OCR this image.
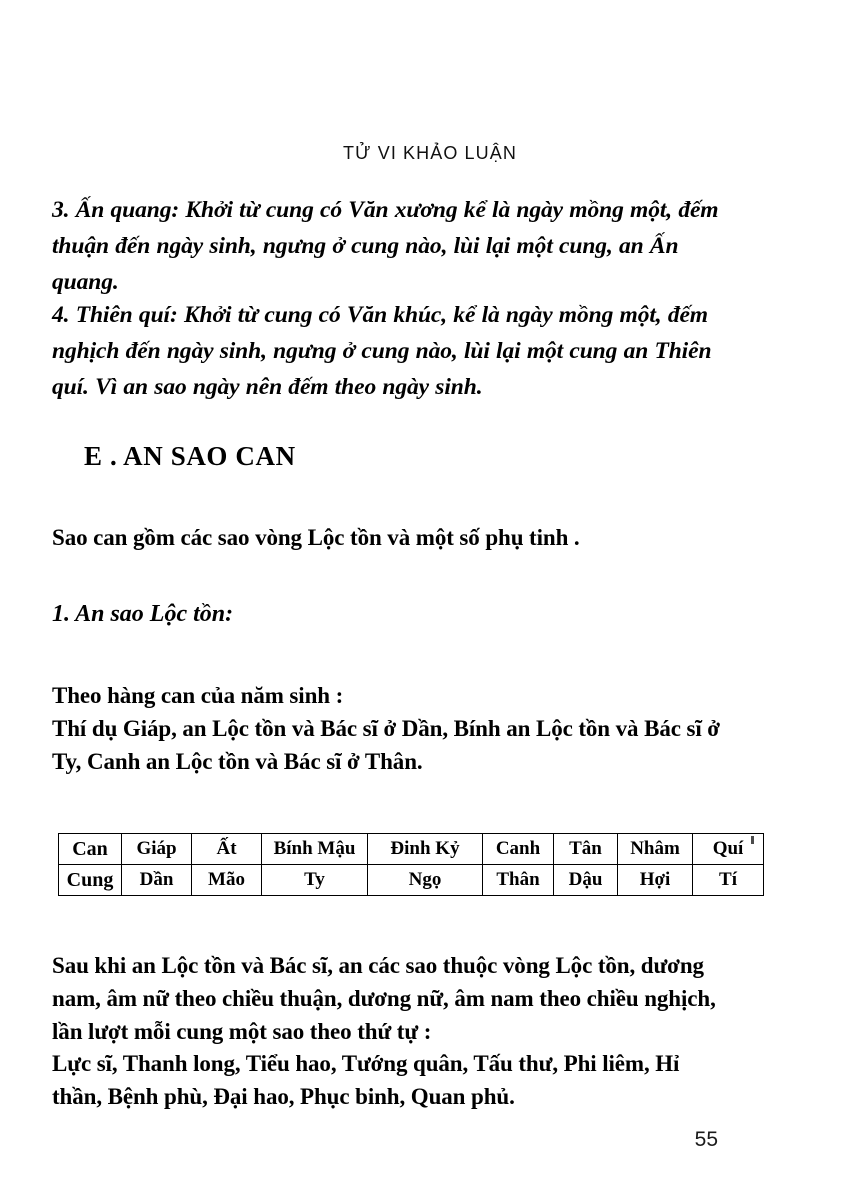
TỬ VI KHẢO LUẬN

3. Ấn quang: Khởi từ cung có Văn xương kể là ngày mồng một, đếm thuận đến ngày sinh, ngưng ở cung nào, lùi lại một cung, an Ấn quang.

4. Thiên quí: Khởi từ cung có Văn khúc, kể là ngày mồng một, đếm nghịch đến ngày sinh, ngưng ở cung nào, lùi lại một cung an Thiên quí. Vì an sao ngày nên đếm theo ngày sinh.

E . AN SAO CAN

Sao can gồm các sao vòng Lộc tồn và một số phụ tinh .

1. An sao Lộc tồn:

Theo hàng can của năm sinh :

Thí dụ Giáp, an Lộc tồn và Bác sĩ ở Dần, Bính an Lộc tồn và Bác sĩ ở Ty, Canh an Lộc tồn và Bác sĩ ở Thân.

Can	Giáp	Ất	Bính Mậu	Đinh Kỷ	Canh	Tân	Nhâm	Quí
Cung	Dần	Mão	Ty	Ngọ	Thân	Dậu	Hợi	Tí

Sau khi an Lộc tồn và Bác sĩ, an các sao thuộc vòng Lộc tồn, dương nam, âm nữ theo chiều thuận, dương nữ, âm nam theo chiều nghịch, lần lượt mỗi cung một sao theo thứ tự :

Lực sĩ, Thanh long, Tiểu hao, Tướng quân, Tấu thư, Phi liêm, Hỉ thần, Bệnh phù, Đại hao, Phục binh, Quan phủ.

55
